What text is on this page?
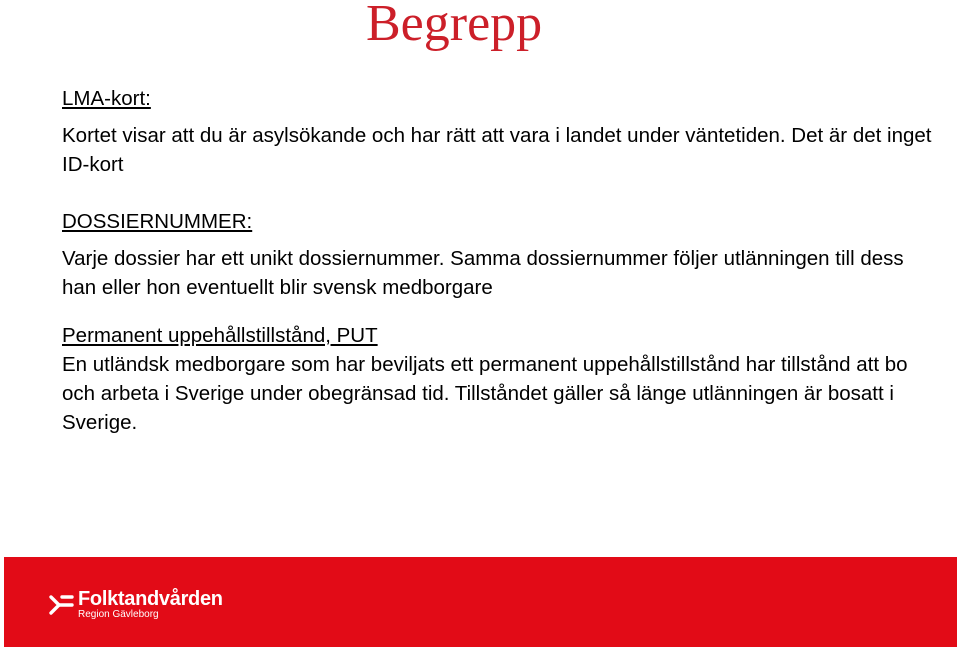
Begrepp
LMA-kort:

Kortet visar att du är asylsökande och har rätt att vara i landet under väntetiden. Det är det inget ID-kort

DOSSIERNUMMER:

Varje dossier har ett unikt dossiernummer. Samma dossiernummer följer utlänningen till dess han eller hon eventuellt blir svensk medborgare

Permanent uppehållstillstånd, PUT

En utländsk medborgare som har beviljats ett permanent uppehållstillstånd har tillstånd att bo och arbeta i Sverige under obegränsad tid. Tillståndet gäller så länge utlänningen är bosatt i Sverige.

Folktandvården
Region Gävleborg
